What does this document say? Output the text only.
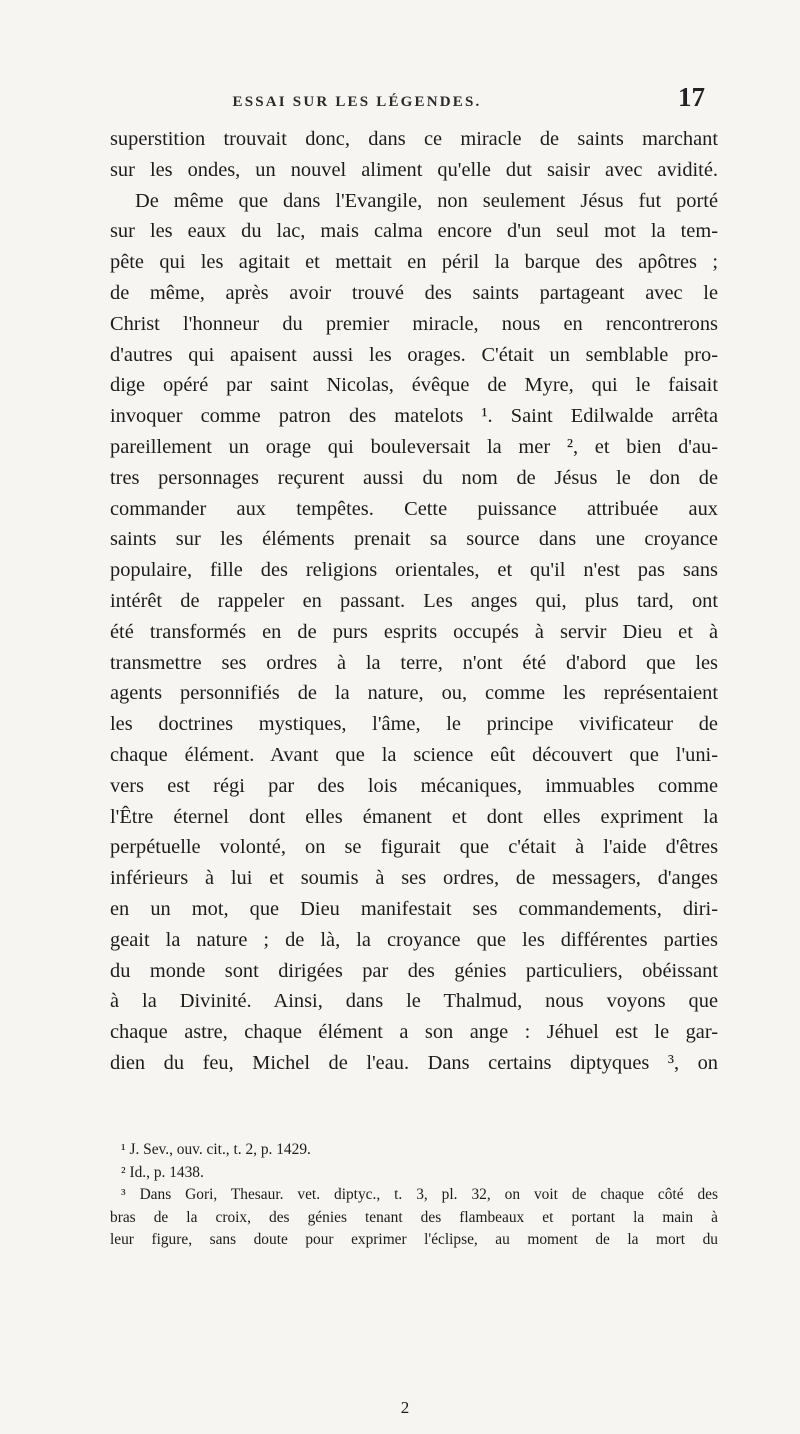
ESSAI SUR LES LÉGENDES.	17
superstition trouvait donc, dans ce miracle de saints marchant
sur les ondes, un nouvel aliment qu'elle dut saisir avec avidité.
De même que dans l'Evangile, non seulement Jésus fut porté
sur les eaux du lac, mais calma encore d'un seul mot la tem-
pête qui les agitait et mettait en péril la barque des apôtres ;
de même, après avoir trouvé des saints partageant avec le
Christ l'honneur du premier miracle, nous en rencontrerons
d'autres qui apaisent aussi les orages. C'était un semblable pro-
dige opéré par saint Nicolas, évêque de Myre, qui le faisait
invoquer comme patron des matelots ¹. Saint Edilwalde arrêta
pareillement un orage qui bouleversait la mer ², et bien d'au-
tres personnages reçurent aussi du nom de Jésus le don de
commander aux tempêtes. Cette puissance attribuée aux
saints sur les éléments prenait sa source dans une croyance
populaire, fille des religions orientales, et qu'il n'est pas sans
intérêt de rappeler en passant. Les anges qui, plus tard, ont
été transformés en de purs esprits occupés à servir Dieu et à
transmettre ses ordres à la terre, n'ont été d'abord que les
agents personnifiés de la nature, ou, comme les représentaient
les doctrines mystiques, l'âme, le principe vivificateur de
chaque élément. Avant que la science eût découvert que l'uni-
vers est régi par des lois mécaniques, immuables comme
l'Être éternel dont elles émanent et dont elles expriment la
perpétuelle volonté, on se figurait que c'était à l'aide d'êtres
inférieurs à lui et soumis à ses ordres, de messagers, d'anges
en un mot, que Dieu manifestait ses commandements, diri-
geait la nature ; de là, la croyance que les différentes parties
du monde sont dirigées par des génies particuliers, obéissant
à la Divinité. Ainsi, dans le Thalmud, nous voyons que
chaque astre, chaque élément a son ange : Jéhuel est le gar-
dien du feu, Michel de l'eau. Dans certains diptyques ³, on
¹ J. Sev., ouv. cit., t. 2, p. 1429.
² Id., p. 1438.
³ Dans Gori, Thesaur. vet. diptyc., t. 3, pl. 32, on voit de chaque côté des
bras de la croix, des génies tenant des flambeaux et portant la main à
leur figure, sans doute pour exprimer l'éclipse, au moment de la mort du
2
